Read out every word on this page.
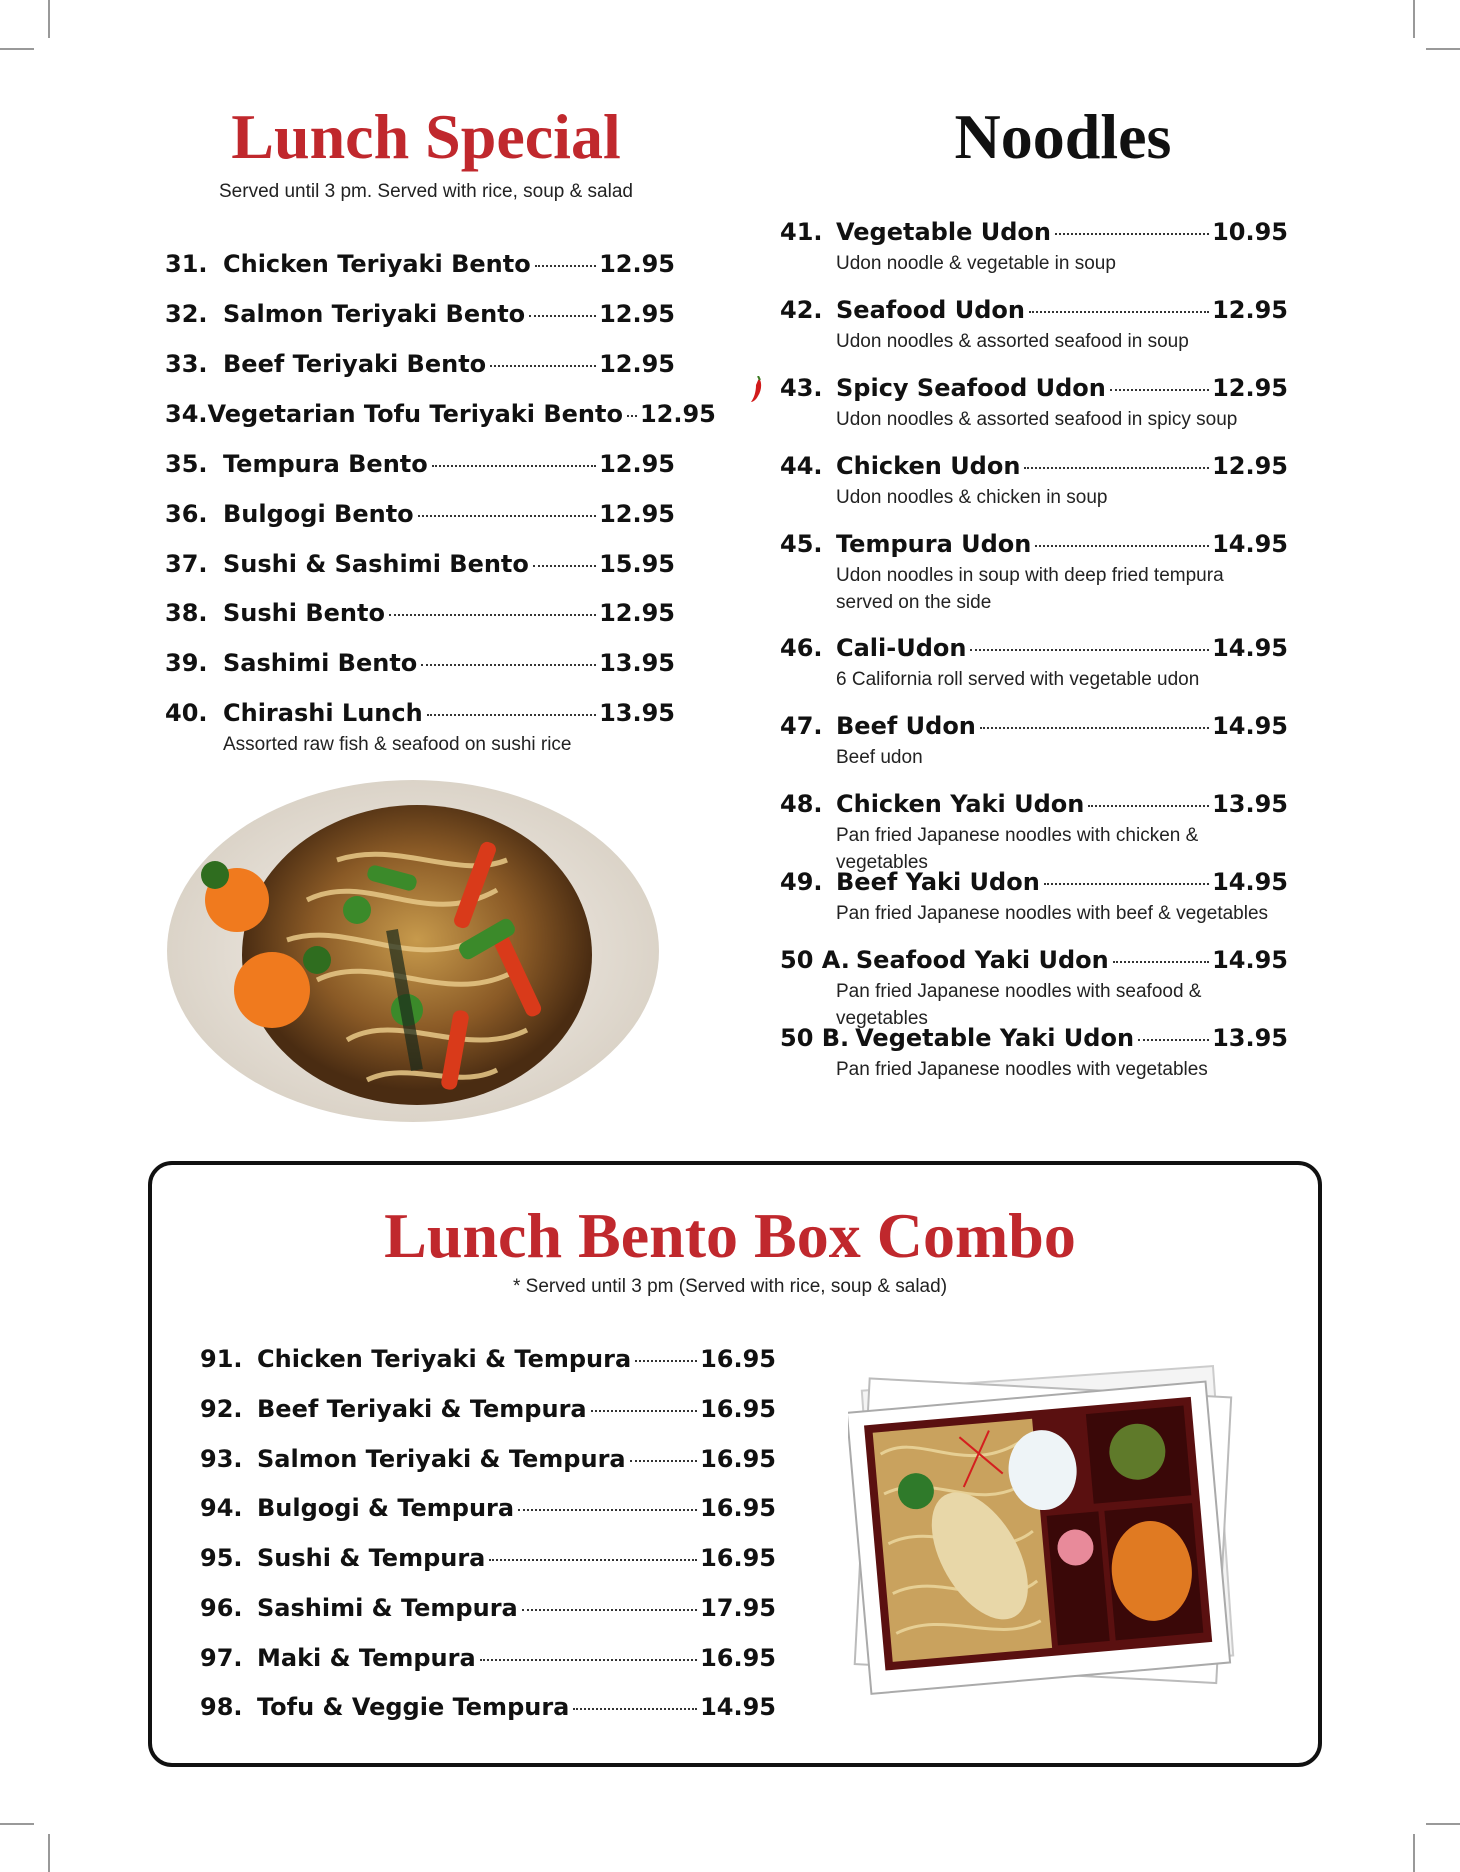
Lunch Special
Served until 3 pm. Served with rice, soup & salad
31. Chicken Teriyaki Bento	12.95
32. Salmon Teriyaki Bento	12.95
33. Beef Teriyaki Bento	12.95
34. Vegetarian Tofu Teriyaki Bento 12.95
35. Tempura Bento	12.95
36. Bulgogi Bento	12.95
37. Sushi & Sashimi Bento	15.95
38. Sushi Bento	12.95
39. Sashimi Bento	13.95
40. Chirashi Lunch	13.95
Assorted raw fish & seafood on sushi rice
Noodles
41. Vegetable Udon	10.95
Udon noodle & vegetable in soup
42. Seafood Udon	12.95
Udon noodles & assorted seafood in soup
43. Spicy Seafood Udon	12.95
Udon noodles & assorted seafood in spicy soup
44. Chicken Udon	12.95
Udon noodles & chicken in soup
45. Tempura Udon	14.95
Udon noodles in soup with deep fried tempura served on the side
46. Cali-Udon	14.95
6 California roll served with vegetable udon
47. Beef Udon	14.95
Beef udon
48. Chicken Yaki Udon	13.95
Pan fried Japanese noodles with chicken & vegetables
49. Beef Yaki Udon	14.95
Pan fried Japanese noodles with beef & vegetables
50 A. Seafood Yaki Udon	14.95
Pan fried Japanese noodles with seafood & vegetables
50 B. Vegetable Yaki Udon	13.95
Pan fried Japanese noodles with vegetables
Lunch Bento Box Combo
* Served until 3 pm (Served with rice, soup & salad)
91. Chicken Teriyaki & Tempura	16.95
92. Beef Teriyaki & Tempura	16.95
93. Salmon Teriyaki & Tempura	16.95
94. Bulgogi & Tempura	16.95
95. Sushi & Tempura	16.95
96. Sashimi & Tempura	17.95
97. Maki & Tempura	16.95
98. Tofu & Veggie Tempura	14.95
